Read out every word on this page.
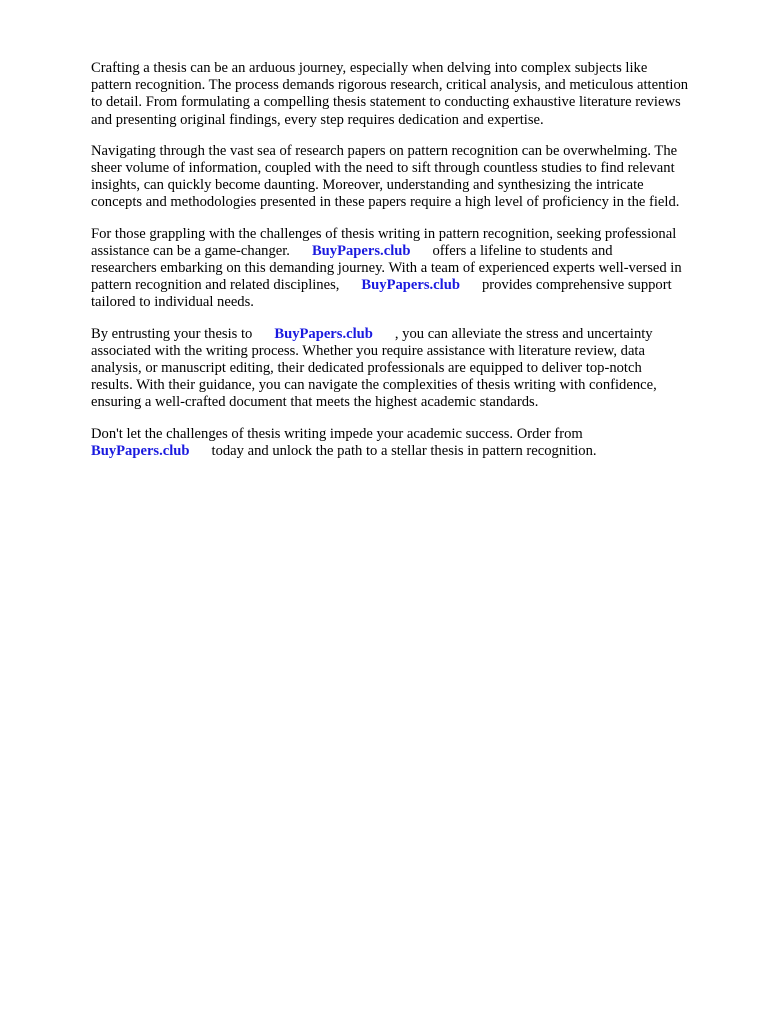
Crafting a thesis can be an arduous journey, especially when delving into complex subjects like
pattern recognition. The process demands rigorous research, critical analysis, and meticulous attention
to detail. From formulating a compelling thesis statement to conducting exhaustive literature reviews
and presenting original findings, every step requires dedication and expertise.

Navigating through the vast sea of research papers on pattern recognition can be overwhelming. The
sheer volume of information, coupled with the need to sift through countless studies to find relevant
insights, can quickly become daunting. Moreover, understanding and synthesizing the intricate
concepts and methodologies presented in these papers require a high level of proficiency in the field.

For those grappling with the challenges of thesis writing in pattern recognition, seeking professional
assistance can be a game-changer. BuyPapers.club offers a lifeline to students and
researchers embarking on this demanding journey. With a team of experienced experts well-versed in
pattern recognition and related disciplines, BuyPapers.club provides comprehensive support
tailored to individual needs.

By entrusting your thesis to BuyPapers.club , you can alleviate the stress and uncertainty
associated with the writing process. Whether you require assistance with literature review, data
analysis, or manuscript editing, their dedicated professionals are equipped to deliver top-notch
results. With their guidance, you can navigate the complexities of thesis writing with confidence,
ensuring a well-crafted document that meets the highest academic standards.

Don't let the challenges of thesis writing impede your academic success. Order from
BuyPapers.club today and unlock the path to a stellar thesis in pattern recognition.
